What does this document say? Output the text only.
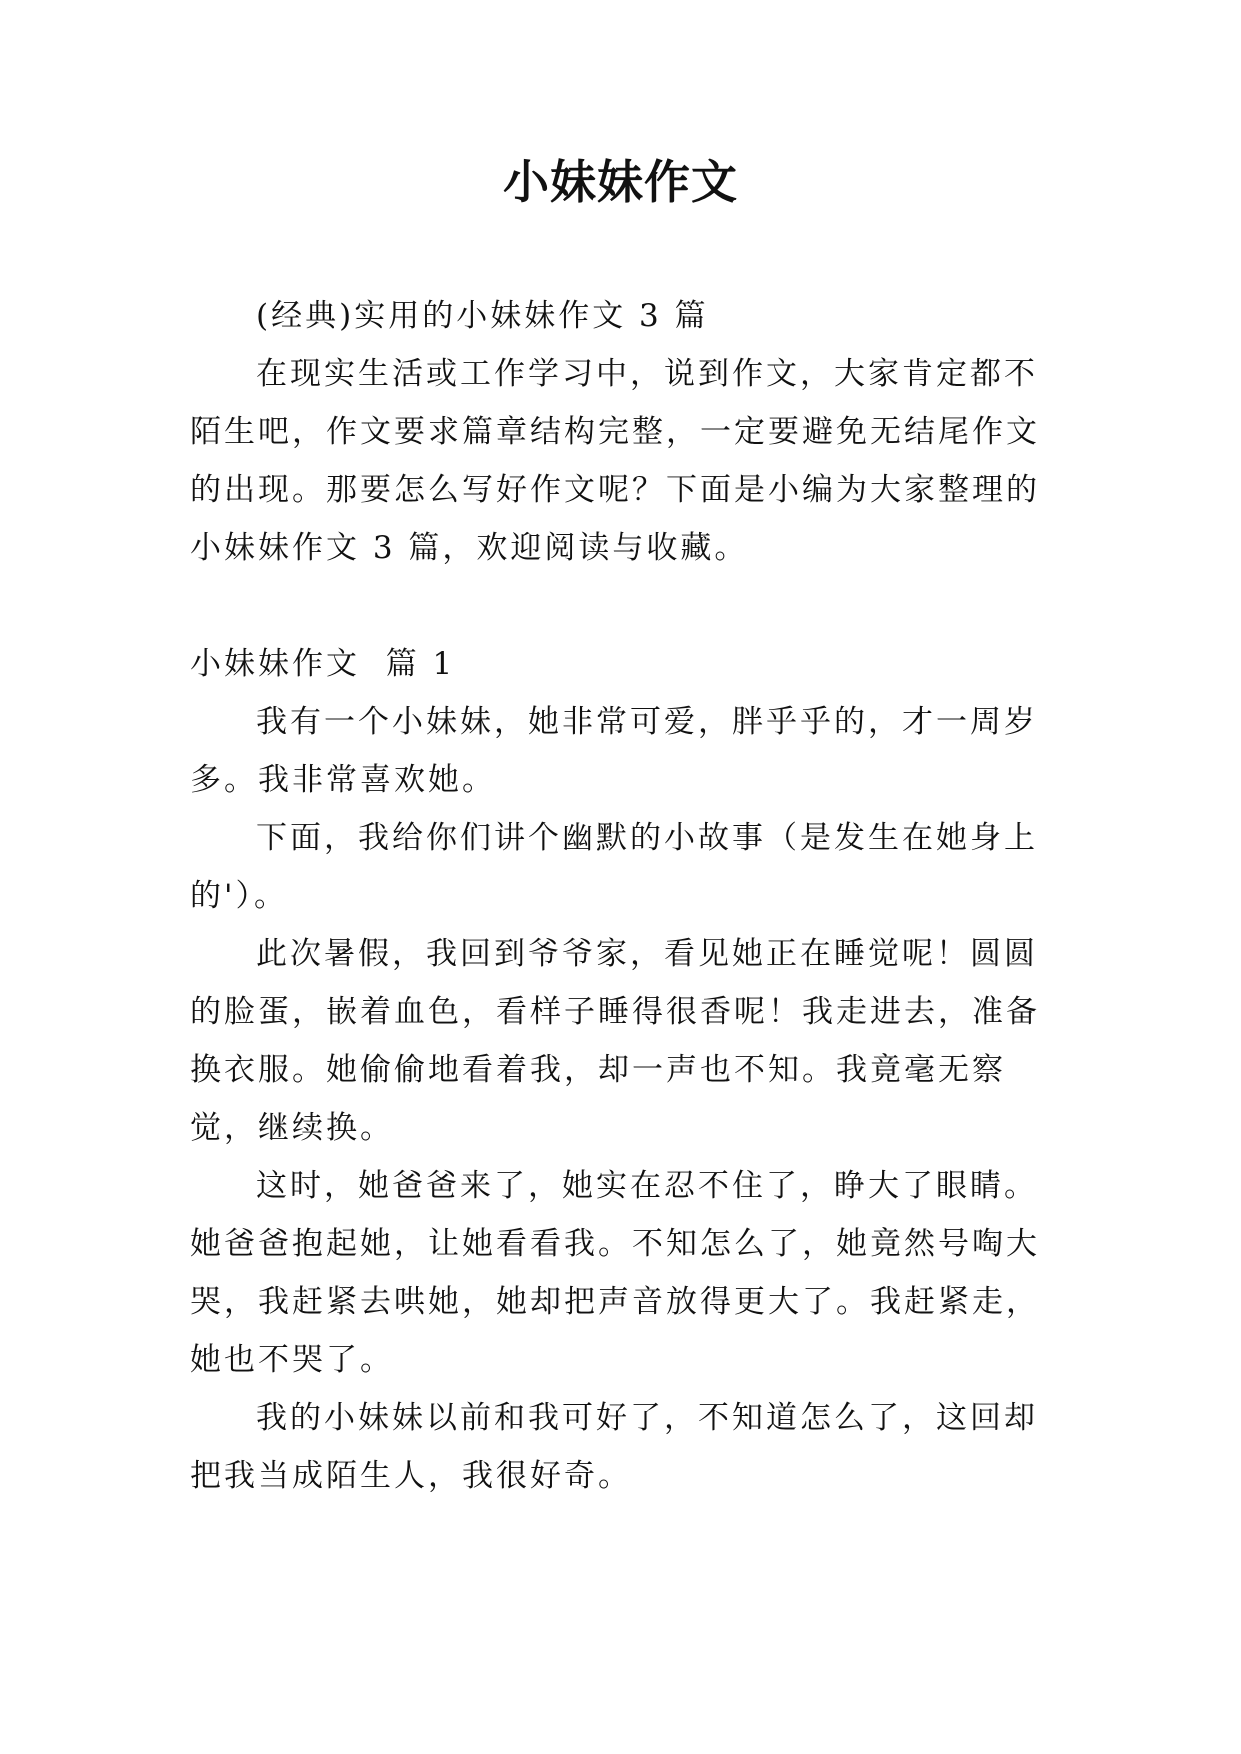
小妹妹作文

(经典)实用的小妹妹作文 3 篇

在现实生活或工作学习中，说到作文，大家肯定都不陌生吧，作文要求篇章结构完整，一定要避免无结尾作文的出现。那要怎么写好作文呢？下面是小编为大家整理的小妹妹作文 3 篇，欢迎阅读与收藏。

小妹妹作文  篇 1

我有一个小妹妹，她非常可爱，胖乎乎的，才一周岁多。我非常喜欢她。

下面，我给你们讲个幽默的小故事（是发生在她身上的'）。

此次暑假，我回到爷爷家，看见她正在睡觉呢！圆圆的脸蛋，嵌着血色，看样子睡得很香呢！我走进去，准备换衣服。她偷偷地看着我，却一声也不知。我竟毫无察觉，继续换。

这时，她爸爸来了，她实在忍不住了，睁大了眼睛。她爸爸抱起她，让她看看我。不知怎么了，她竟然号啕大哭，我赶紧去哄她，她却把声音放得更大了。我赶紧走，她也不哭了。

我的小妹妹以前和我可好了，不知道怎么了，这回却把我当成陌生人，我很好奇。
